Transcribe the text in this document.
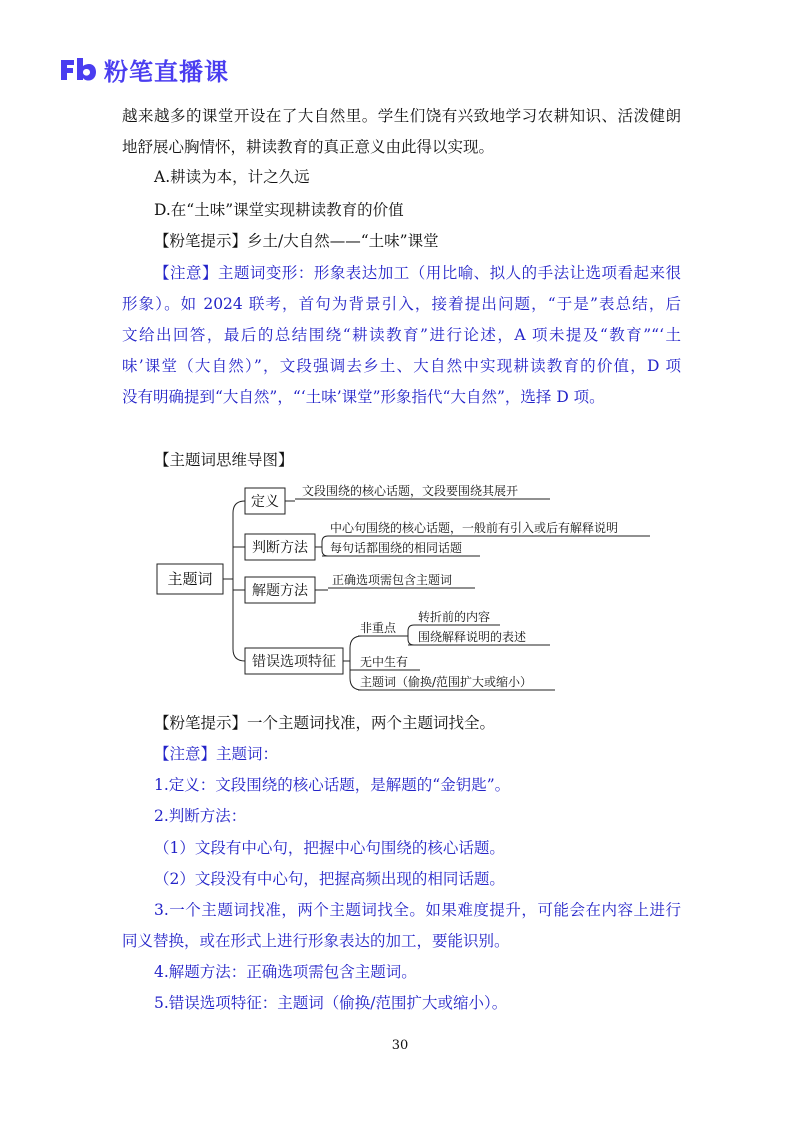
粉笔直播课
越来越多的课堂开设在了大自然里。学生们饶有兴致地学习农耕知识、活泼健朗
地舒展心胸情怀，耕读教育的真正意义由此得以实现。
A.耕读为本，计之久远
D.在“土味”课堂实现耕读教育的价值
【粉笔提示】乡土/大自然——“土味”课堂
【注意】主题词变形：形象表达加工（用比喻、拟人的手法让选项看起来很
形象）。如 2024 联考，首句为背景引入，接着提出问题，“于是”表总结，后
文给出回答，最后的总结围绕“耕读教育”进行论述，A 项未提及“教育”“‘土
味’课堂（大自然）”，文段强调去乡土、大自然中实现耕读教育的价值，D 项
没有明确提到“大自然”，“‘土味’课堂”形象指代“大自然”，选择 D 项。
【主题词思维导图】
主题词
定义
判断方法
解题方法
错误选项特征
文段围绕的核心话题，文段要围绕其展开
中心句围绕的核心话题，一般前有引入或后有解释说明
每句话都围绕的相同话题
正确选项需包含主题词
非重点
转折前的内容
围绕解释说明的表述
无中生有
主题词（偷换/范围扩大或缩小）
【粉笔提示】一个主题词找准，两个主题词找全。
【注意】主题词：
1.定义：文段围绕的核心话题，是解题的“金钥匙”。
2.判断方法：
（1）文段有中心句，把握中心句围绕的核心话题。
（2）文段没有中心句，把握高频出现的相同话题。
3.一个主题词找准，两个主题词找全。如果难度提升，可能会在内容上进行
同义替换，或在形式上进行形象表达的加工，要能识别。
4.解题方法：正确选项需包含主题词。
5.错误选项特征：主题词（偷换/范围扩大或缩小）。
30
